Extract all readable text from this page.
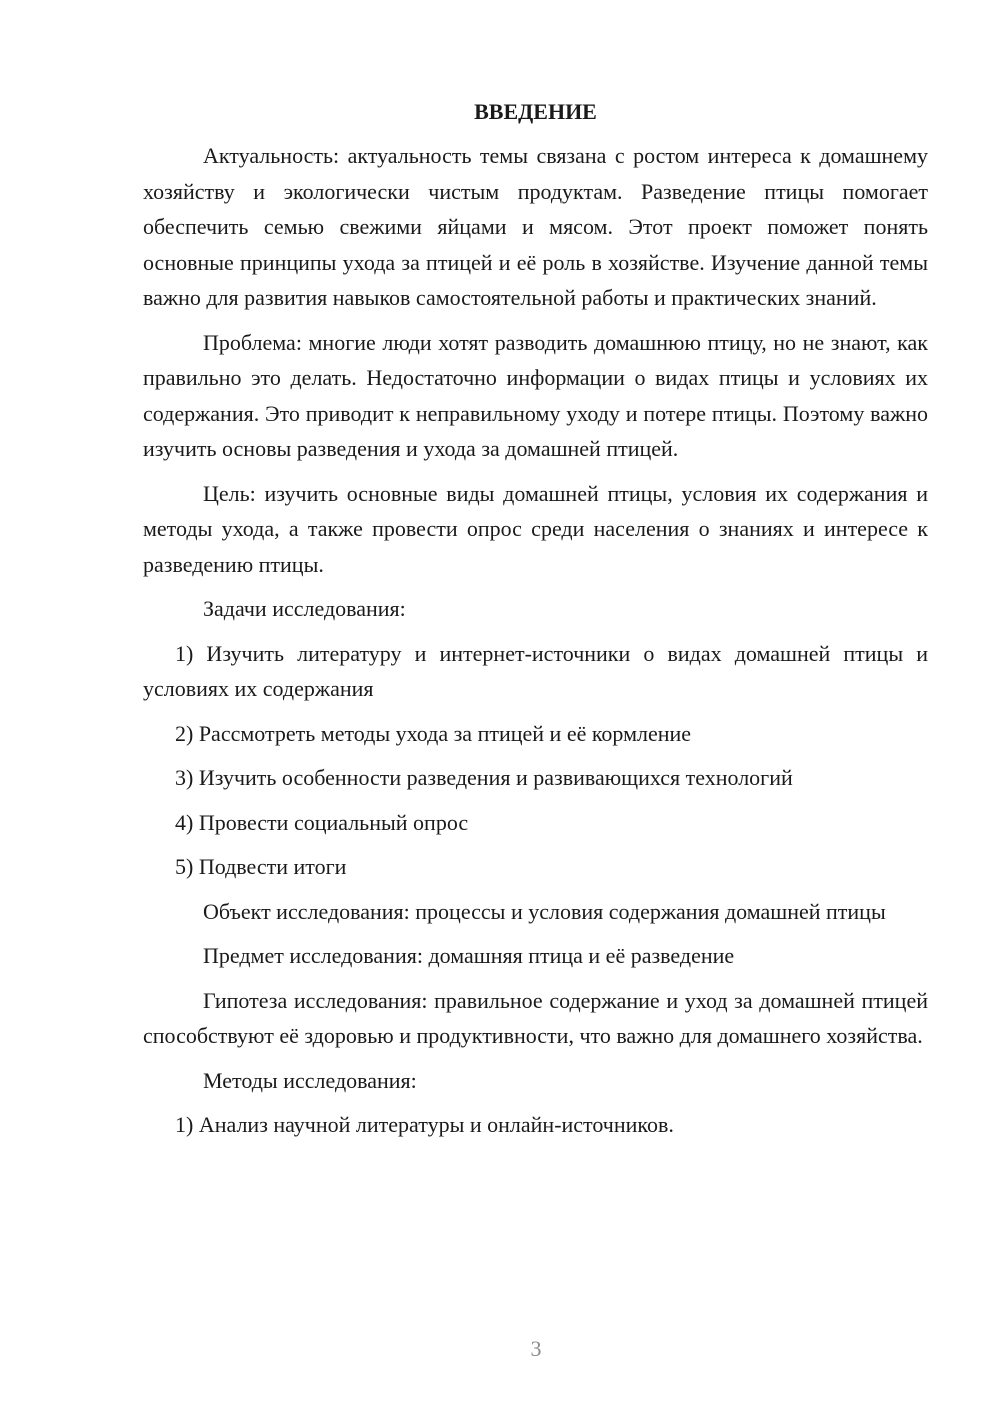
ВВЕДЕНИЕ

Актуальность: актуальность темы связана с ростом интереса к домашнему хозяйству и экологически чистым продуктам. Разведение птицы помогает обеспечить семью свежими яйцами и мясом. Этот проект поможет понять основные принципы ухода за птицей и её роль в хозяйстве. Изучение данной темы важно для развития навыков самостоятельной работы и практических знаний.

Проблема: многие люди хотят разводить домашнюю птицу, но не знают, как правильно это делать. Недостаточно информации о видах птицы и условиях их содержания. Это приводит к неправильному уходу и потере птицы. Поэтому важно изучить основы разведения и ухода за домашней птицей.

Цель: изучить основные виды домашней птицы, условия их содержания и методы ухода, а также провести опрос среди населения о знаниях и интересе к разведению птицы.

Задачи исследования:

1) Изучить литературу и интернет-источники о видах домашней птицы и условиях их содержания

2) Рассмотреть методы ухода за птицей и её кормление

3) Изучить особенности разведения и развивающихся технологий

4) Провести социальный опрос

5) Подвести итоги

Объект исследования: процессы и условия содержания домашней птицы

Предмет исследования: домашняя птица и её разведение

Гипотеза исследования: правильное содержание и уход за домашней птицей способствуют её здоровью и продуктивности, что важно для домашнего хозяйства.

Методы исследования:

1) Анализ научной литературы и онлайн-источников.

3
